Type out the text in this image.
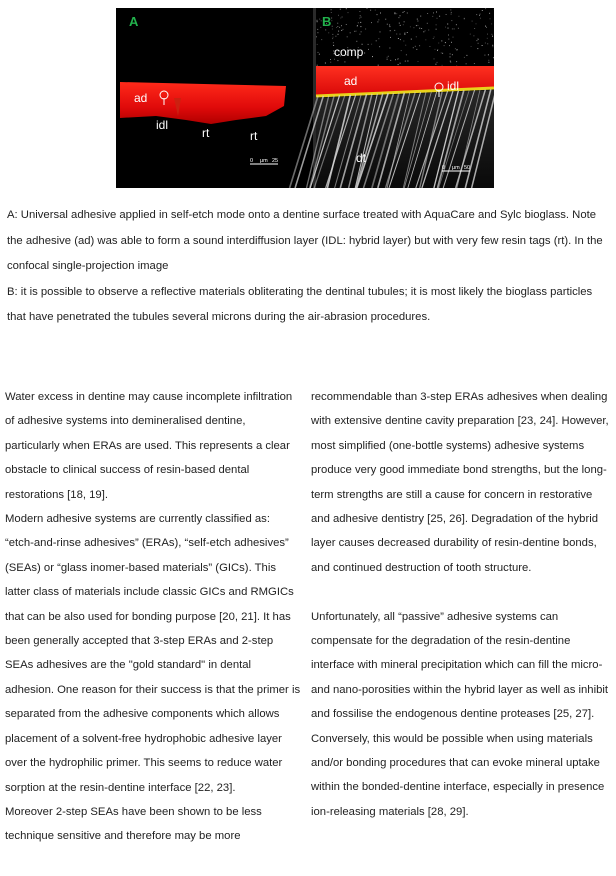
A
ad
idl
rt	rt
0 μm 25
B
comp
ad	idl
dt
0 μm 50

A: Universal adhesive applied in self-etch mode onto a dentine surface treated with AquaCare and Sylc bioglass. Note the adhesive (ad) was able to form a sound interdiffusion layer (IDL: hybrid layer) but with very few resin tags (rt). In the confocal single-projection image

B: it is possible to observe a reflective materials obliterating the dentinal tubules; it is most likely the bioglass particles that have penetrated the tubules several microns during the air-abrasion procedures.

Water excess in dentine may cause incomplete infiltration of adhesive systems into demineralised dentine, particularly when ERAs are used. This represents a clear obstacle to clinical success of resin-based dental restorations [18, 19].

Modern adhesive systems are currently classified as: “etch-and-rinse adhesives” (ERAs), “self-etch adhesives” (SEAs) or “glass inomer-based materials” (GICs). This latter class of materials include classic GICs and RMGICs that can be also used for bonding purpose [20, 21]. It has been generally accepted that 3-step ERAs and 2-step SEAs adhesives are the "gold standard" in dental adhesion. One reason for their success is that the primer is separated from the adhesive components which allows placement of a solvent-free hydrophobic adhesive layer over the hydrophilic primer. This seems to reduce water sorption at the resin-dentine interface [22, 23].

Moreover 2-step SEAs have been shown to be less technique sensitive and therefore may be more

recommendable than 3-step ERAs adhesives when dealing with extensive dentine cavity preparation [23, 24]. However, most simplified (one-bottle systems) adhesive systems produce very good immediate bond strengths, but the long-term strengths are still a cause for concern in restorative and adhesive dentistry [25, 26]. Degradation of the hybrid layer causes decreased durability of resin-dentine bonds, and continued destruction of tooth structure.

Unfortunately, all “passive” adhesive systems can compensate for the degradation of the resin-dentine interface with mineral precipitation which can fill the micro- and nano-porosities within the hybrid layer as well as inhibit and fossilise the endogenous dentine proteases [25, 27]. Conversely, this would be possible when using materials and/or bonding procedures that can evoke mineral uptake within the bonded-dentine interface, especially in presence ion-releasing materials [28, 29].
